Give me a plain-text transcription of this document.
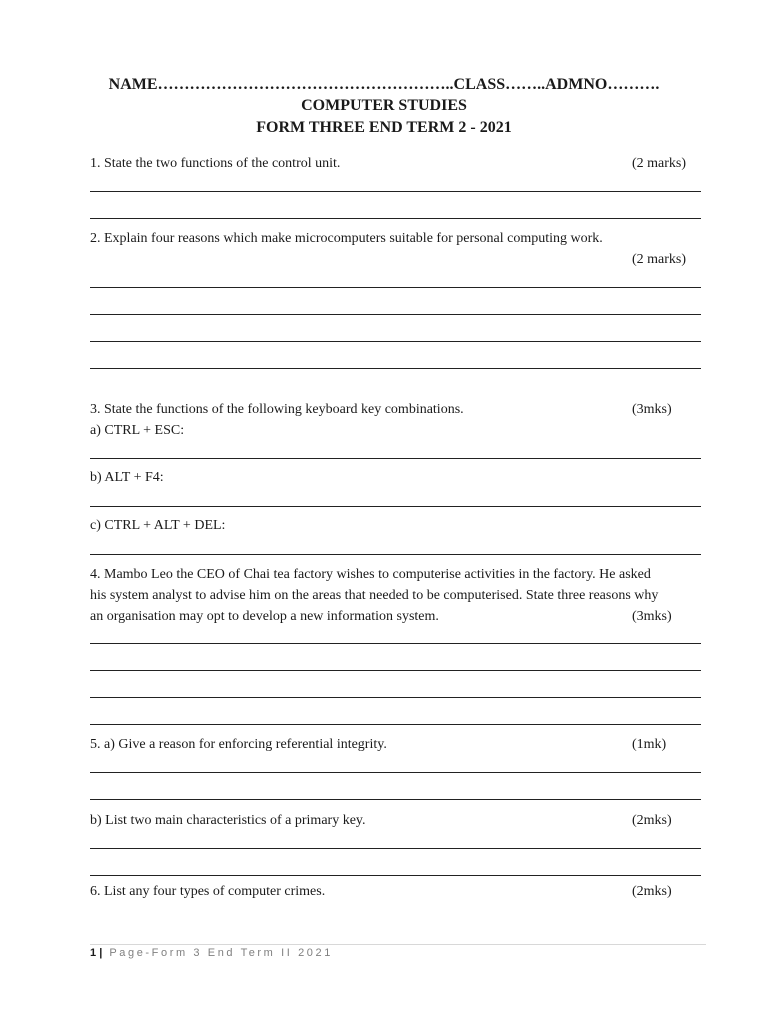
NAME………………………………………………..CLASS……..ADMNO……….
COMPUTER STUDIES
FORM THREE END TERM 2 - 2021
1. State the two functions of the control unit.	(2 marks)
2. Explain four reasons which make microcomputers suitable for personal computing work.
(2 marks)
3. State the functions of the following keyboard key combinations.	(3mks)
a) CTRL + ESC:
b) ALT + F4:
c) CTRL + ALT + DEL:
4. Mambo Leo the CEO of Chai tea factory wishes to computerise activities in the factory. He asked
his system analyst to advise him on the areas that needed to be computerised. State three reasons why
an organisation may opt to develop a new information system.	(3mks)
5. a) Give a reason for enforcing referential integrity.	(1mk)
b) List two main characteristics of a primary key.	(2mks)
6. List any four types of computer crimes.	(2mks)
1 | Page-Form 3 End Term II 2021
